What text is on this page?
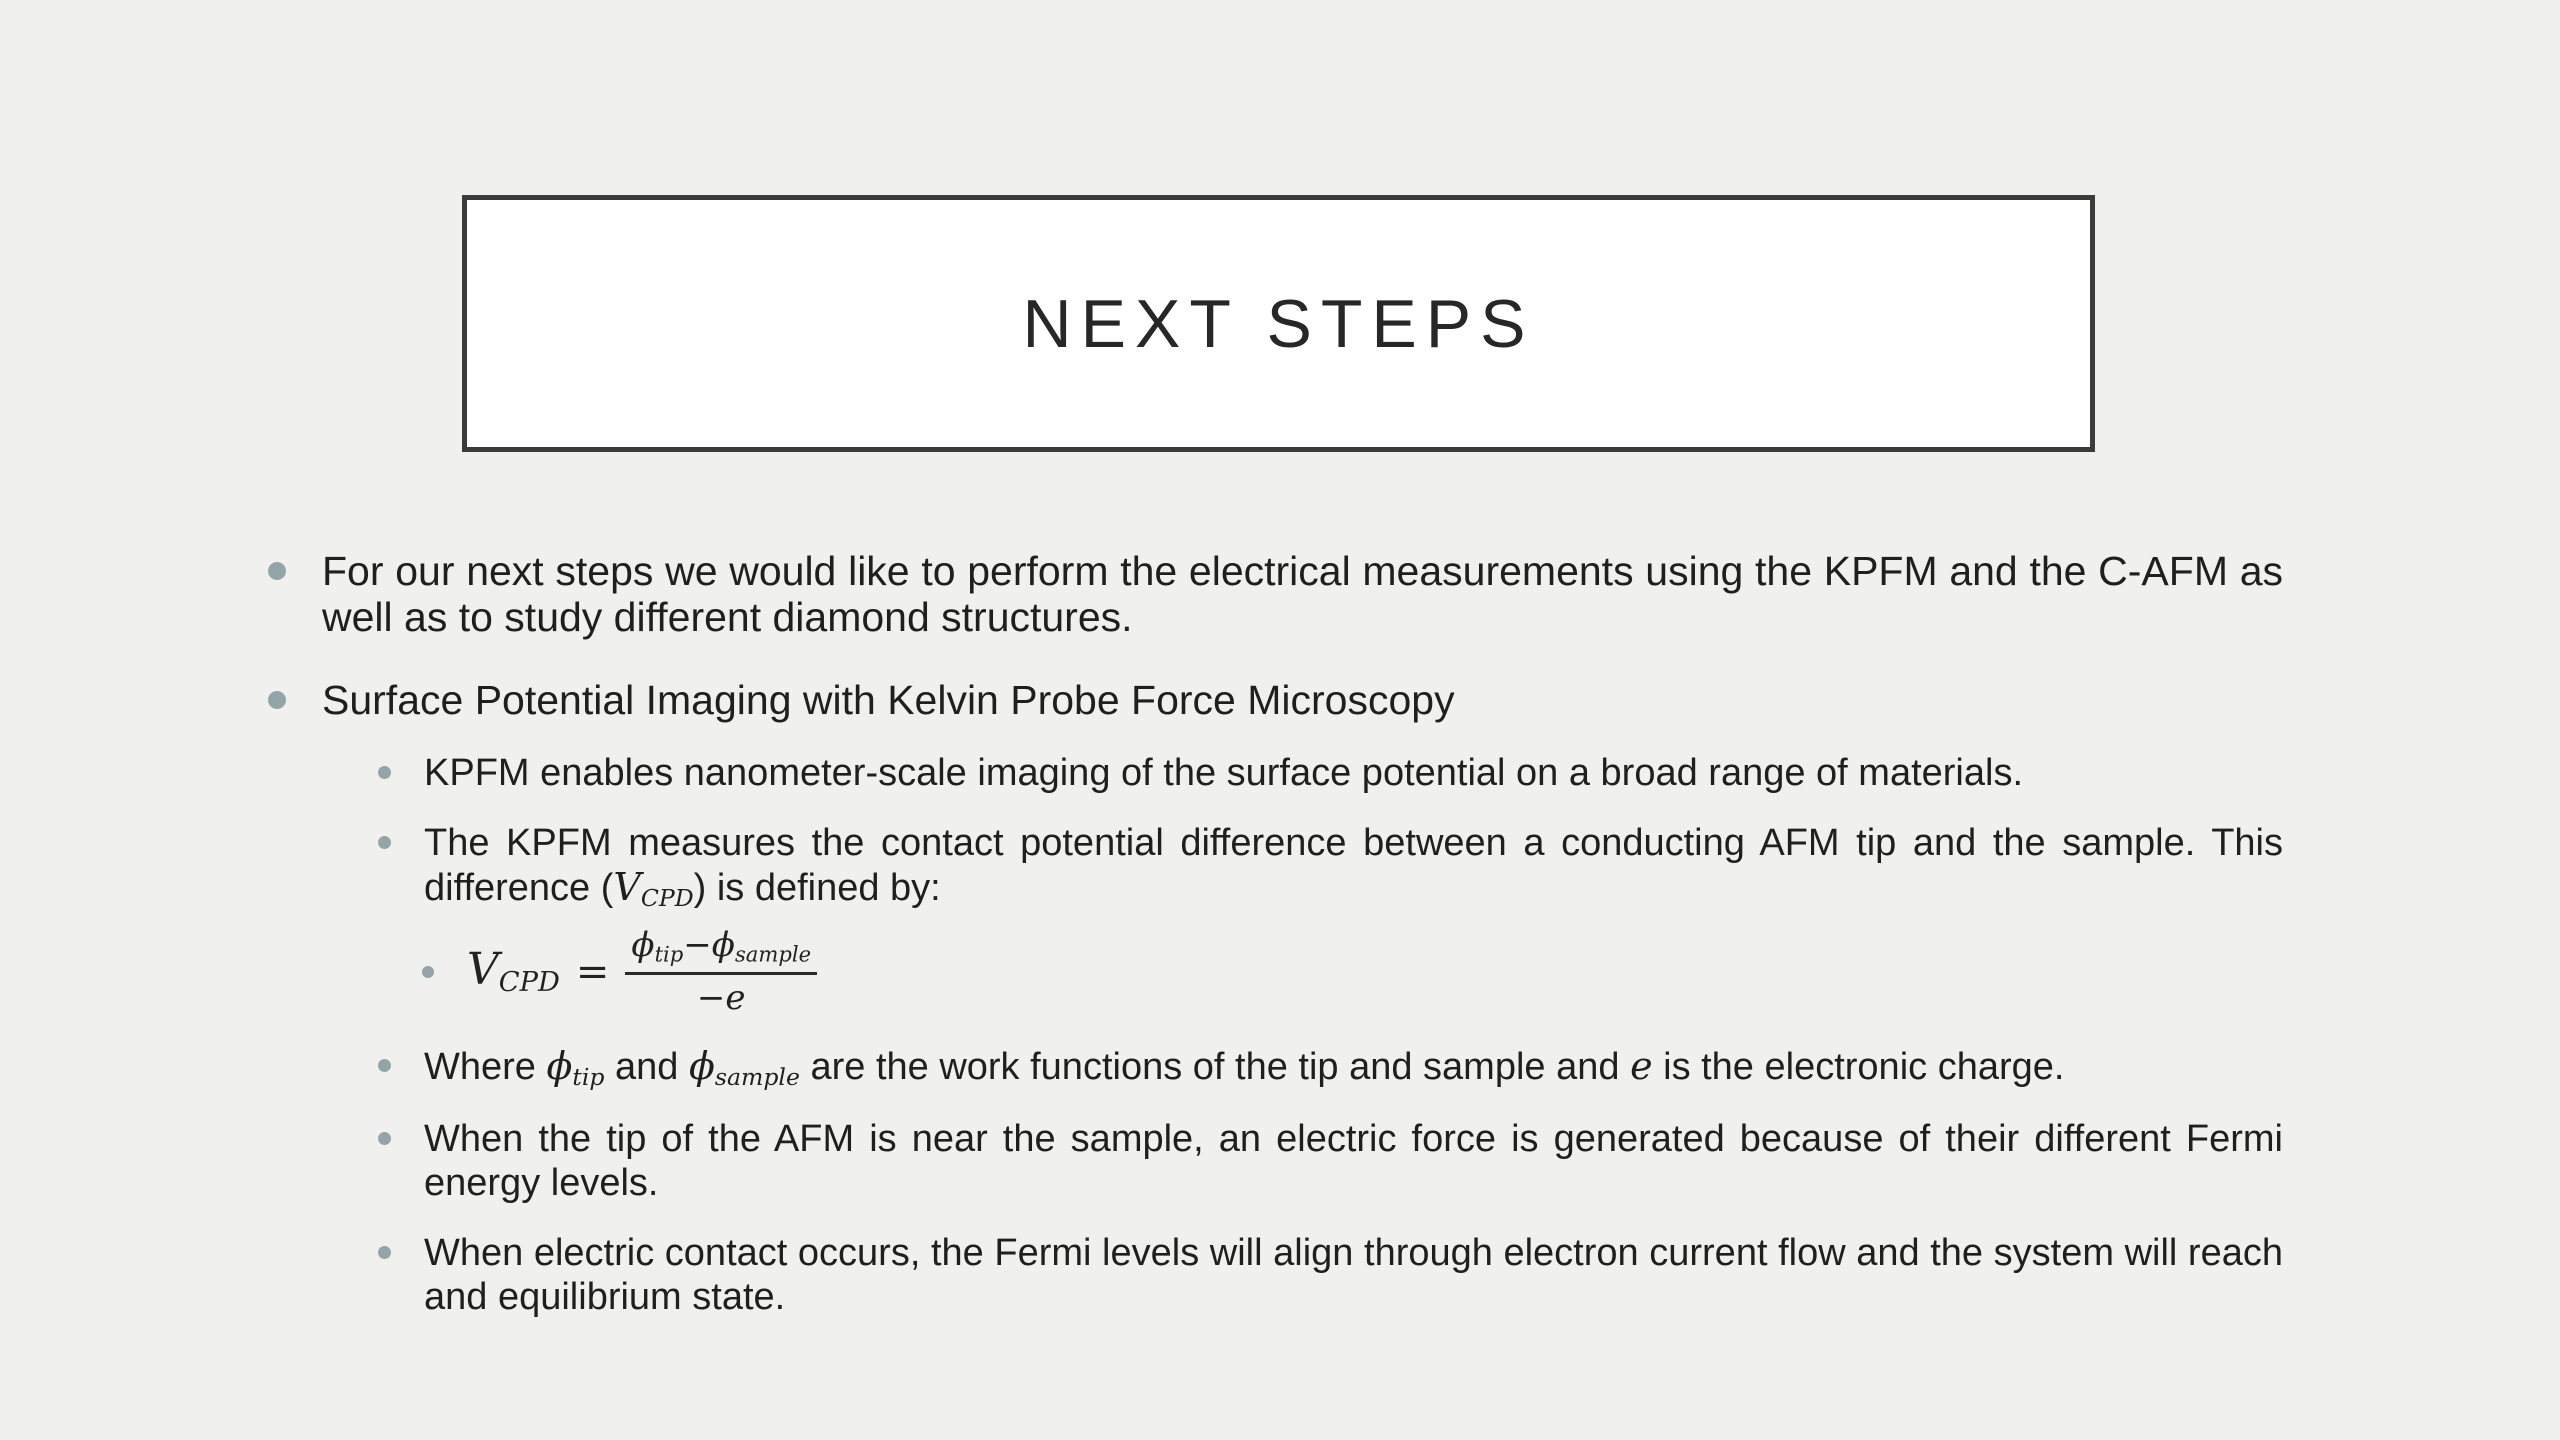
NEXT STEPS
For our next steps we would like to perform the electrical measurements using the KPFM and the C-AFM as well as to study different diamond structures.
Surface Potential Imaging with Kelvin Probe Force Microscopy
KPFM enables nanometer-scale imaging of the surface potential on a broad range of materials.
The KPFM measures the contact potential difference between a conducting AFM tip and the sample. This difference (VCPD) is defined by:
VCPD = $\frac{\text{ϕtip−ϕsample}}{-e}$
Where ϕtip and ϕsample are the work functions of the tip and sample and e is the electronic charge.
When the tip of the AFM is near the sample, an electric force is generated because of their different Fermi energy levels.
When electric contact occurs, the Fermi levels will align through electron current flow and the system will reach and equilibrium state.
